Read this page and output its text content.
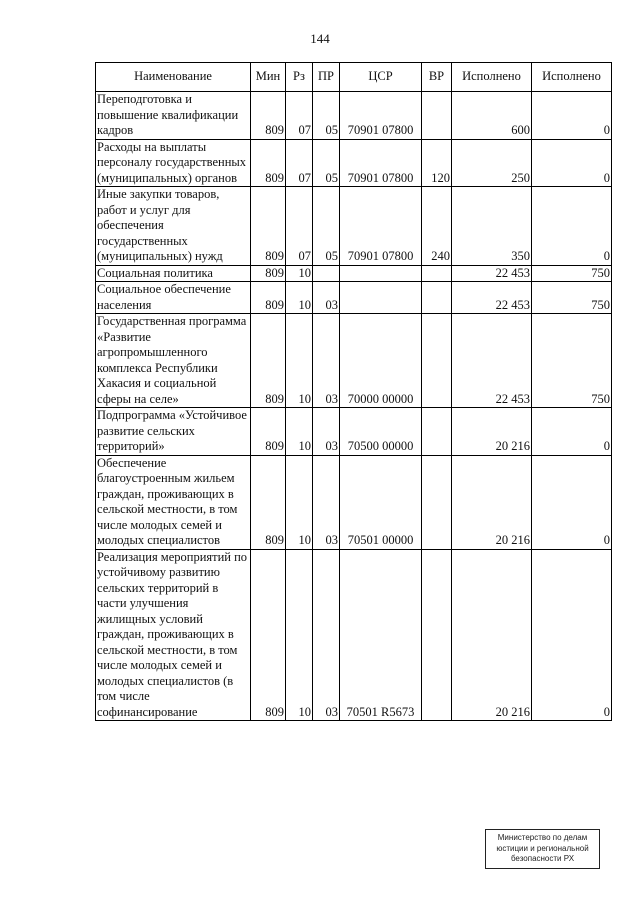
144
Наименование	Мин	Рз	ПР	ЦСР	ВР	Исполнено	Исполнено
Переподготовка и повышение квалификации кадров	809	07	05	70901 07800		600	0
Расходы на выплаты персоналу государственных (муниципальных) органов	809	07	05	70901 07800	120	250	0
Иные закупки товаров, работ и услуг для обеспечения государственных (муниципальных) нужд	809	07	05	70901 07800	240	350	0
Социальная политика	809	10				22 453	750
Социальное обеспечение населения	809	10	03			22 453	750
Государственная программа «Развитие агропромышленного комплекса Республики Хакасия и социальной сферы на селе»	809	10	03	70000 00000		22 453	750
Подпрограмма «Устойчивое развитие сельских территорий»	809	10	03	70500 00000		20 216	0
Обеспечение благоустроенным жильем граждан, проживающих в сельской местности, в том числе молодых семей и молодых специалистов	809	10	03	70501 00000		20 216	0
Реализация мероприятий по устойчивому развитию сельских территорий в части улучшения жилищных условий граждан, проживающих в сельской местности, в том числе молодых семей и молодых специалистов (в том числе софинансирование	809	10	03	70501 R5673		20 216	0
Министерство по делам
юстиции и региональной
безопасности РХ
